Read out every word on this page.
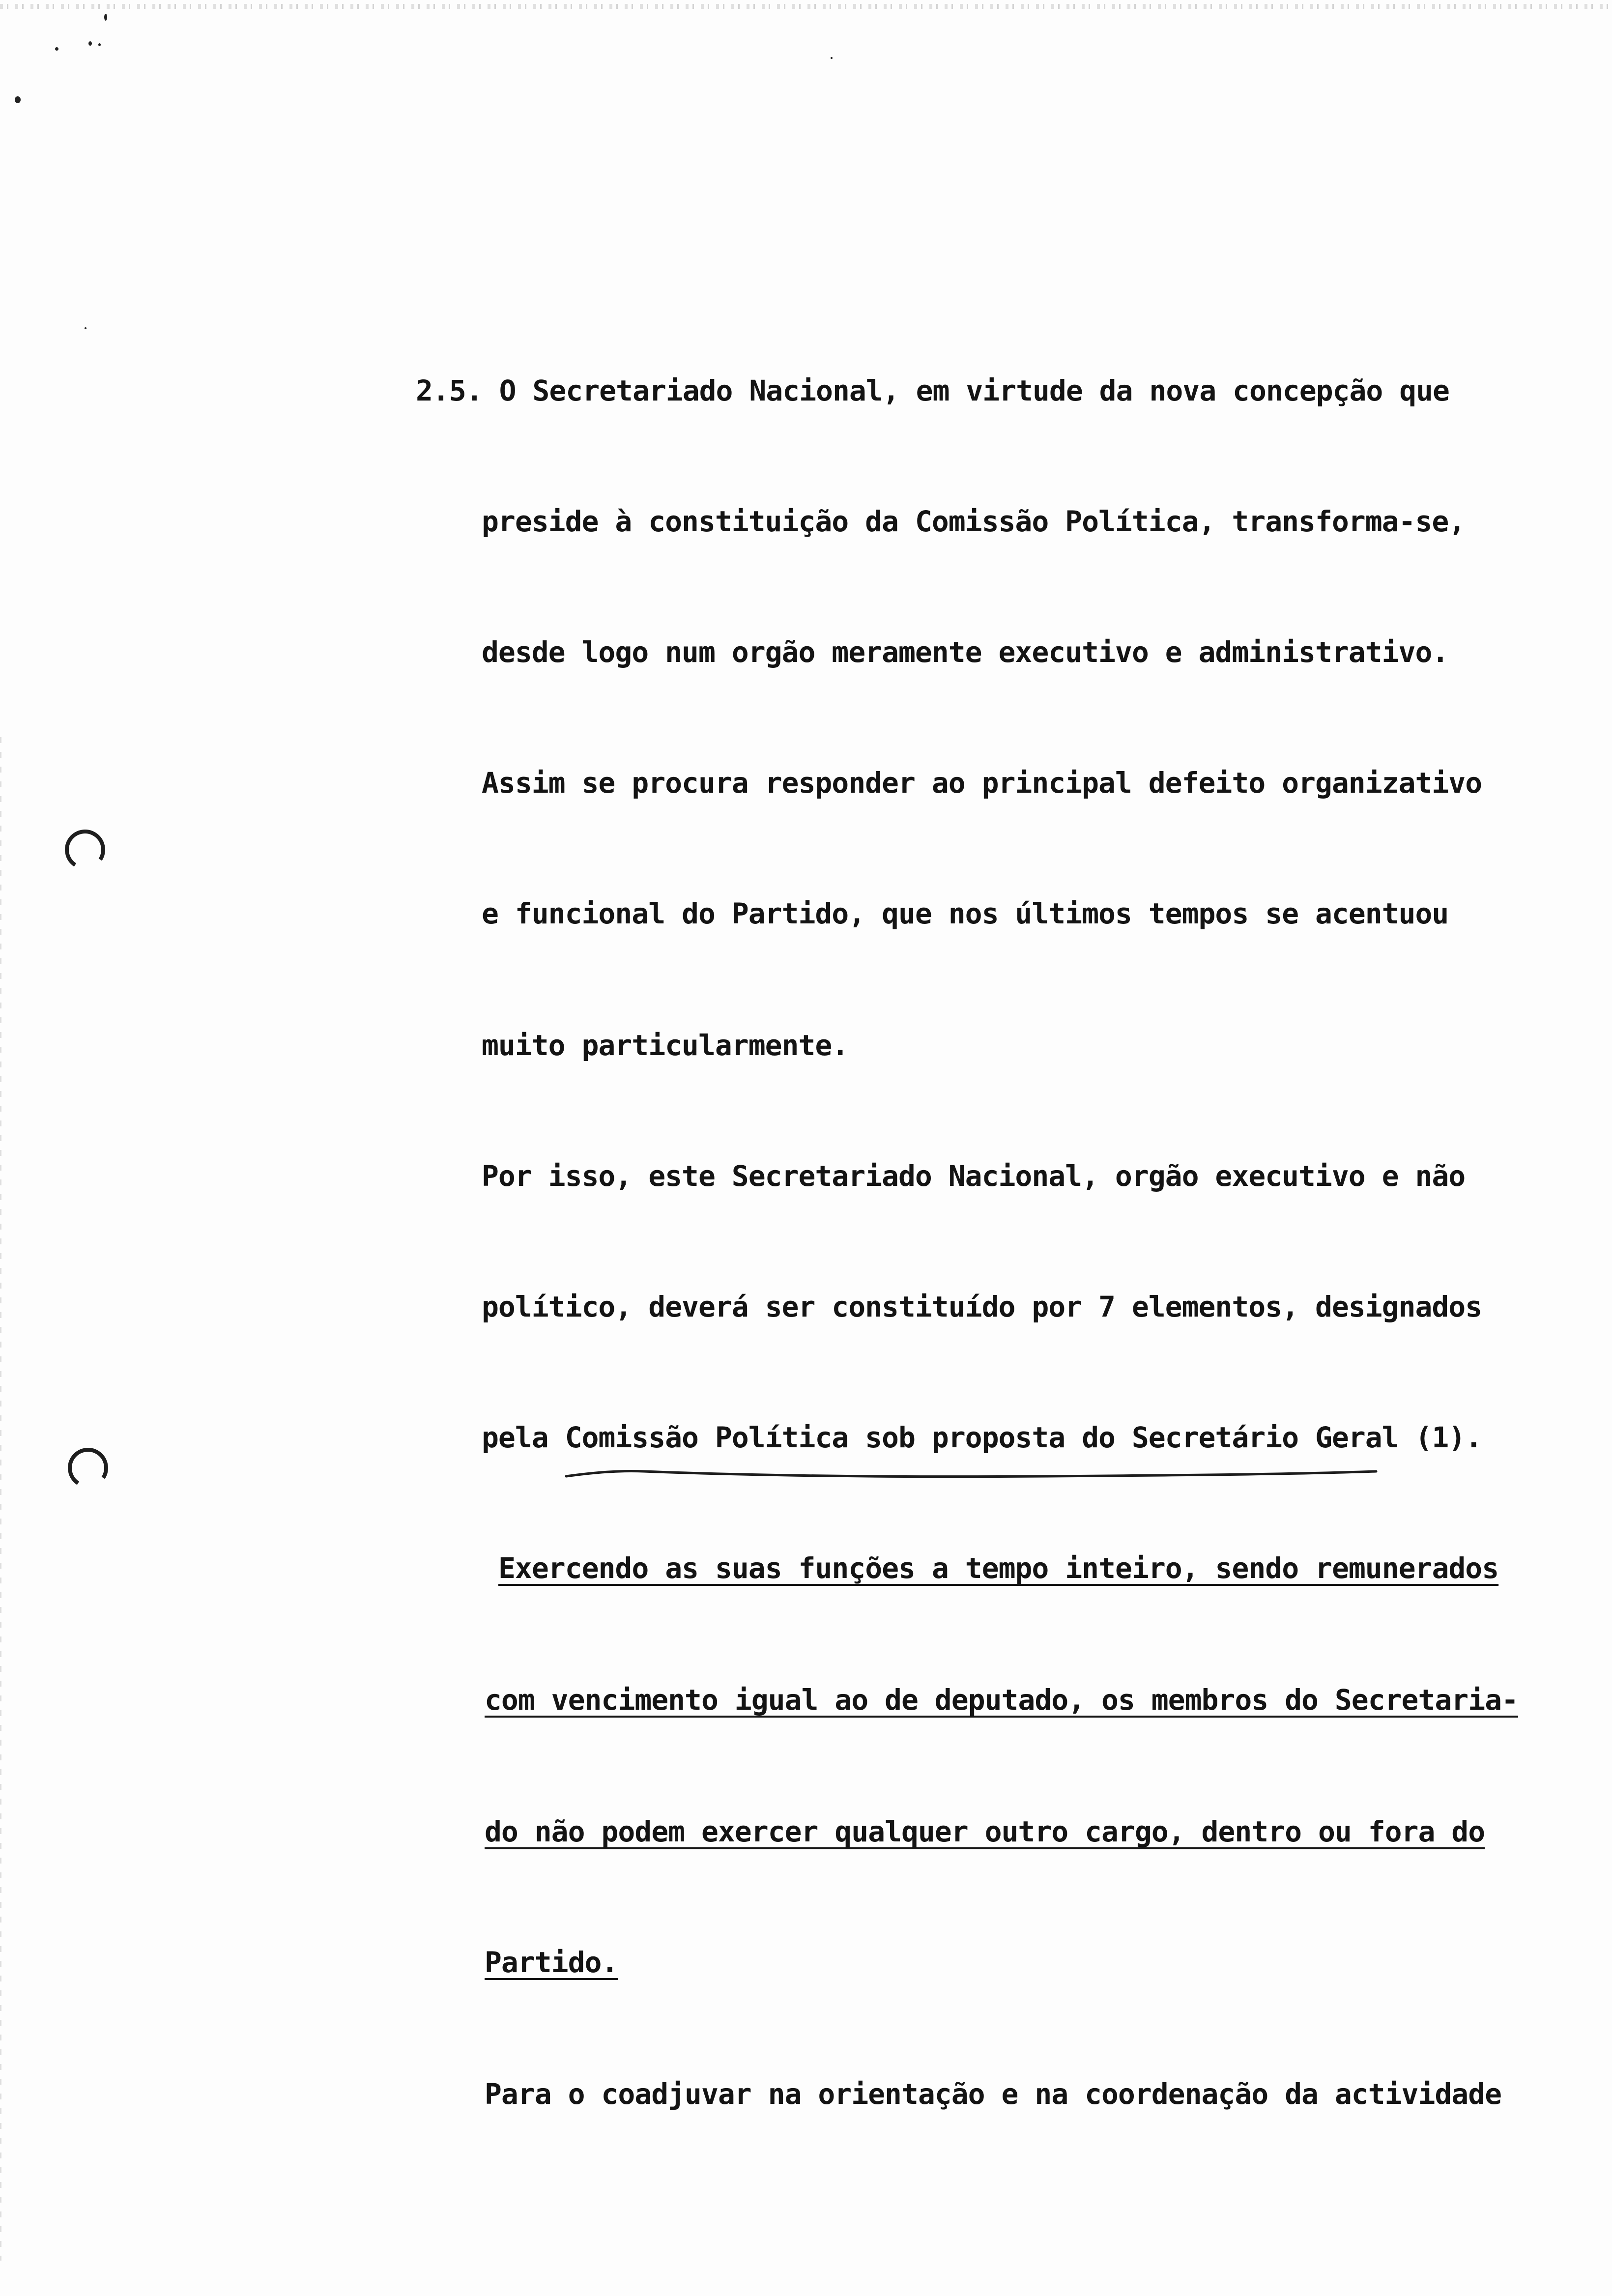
2.5. O Secretariado Nacional, em virtude da nova concepção que
preside à constituição da Comissão Política, transforma-se,
desde logo num orgão meramente executivo e administrativo.
Assim se procura responder ao principal defeito organizativo
e funcional do Partido, que nos últimos tempos se acentuou
muito particularmente.
Por isso, este Secretariado Nacional, orgão executivo e não
político, deverá ser constituído por 7 elementos, designados
pela Comissão Política sob proposta do Secretário Geral (1).
Exercendo as suas funções a tempo inteiro, sendo remunerados
com vencimento igual ao de deputado, os membros do Secretaria-
do não podem exercer qualquer outro cargo, dentro ou fora do
Partido.
Para o coadjuvar na orientação e na coordenação da actividade
